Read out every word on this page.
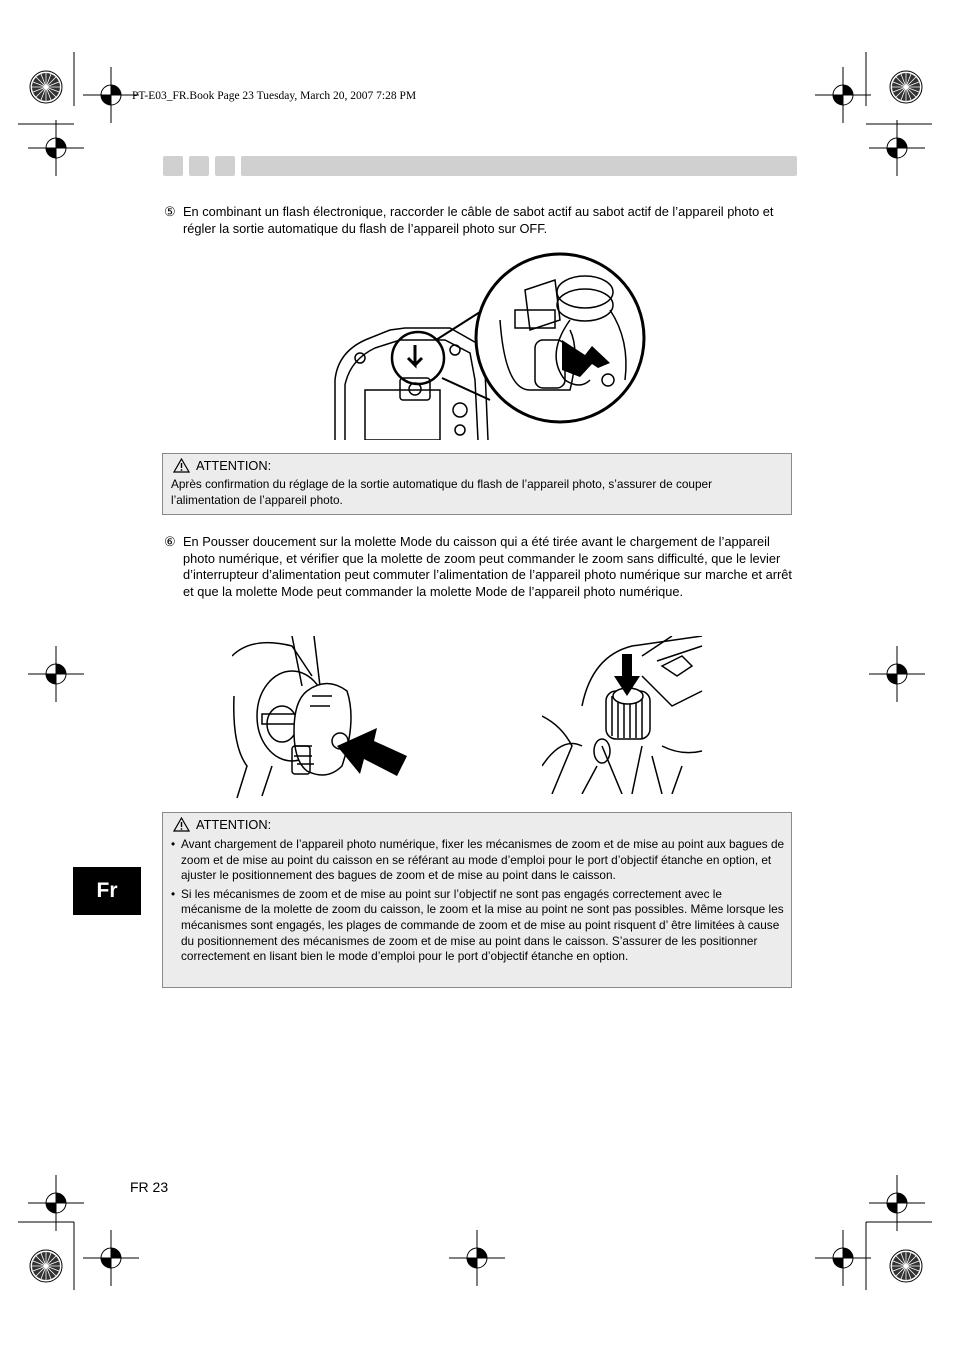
PT-E03_FR.Book Page 23 Tuesday, March 20, 2007 7:28 PM
⑤ En combinant un flash électronique, raccorder le câble de sabot actif au sabot actif de l’appareil photo et régler la sortie automatique du flash de l’appareil photo sur OFF.
ATTENTION:

Après confirmation du réglage de la sortie automatique du flash de l’appareil photo, s’assurer de couper l’alimentation de l’appareil photo.

⑥ En Pousser doucement sur la molette Mode du caisson qui a été tirée avant le chargement de l’appareil photo numérique, et vérifier que la molette de zoom peut commander le zoom sans difficulté, que le levier d’interrupteur d’alimentation peut commuter l’alimentation de l’appareil photo numérique sur marche et arrêt et que la molette Mode peut commander la molette Mode de l’appareil photo numérique.
ATTENTION:
• Avant chargement de l’appareil photo numérique, fixer les mécanismes de zoom et de mise au point aux bagues de zoom et de mise au point du caisson en se référant au mode d’emploi pour le port d’objectif étanche en option, et ajuster le positionnement des bagues de zoom et de mise au point dans le caisson.
• Si les mécanismes de zoom et de mise au point sur l’objectif ne sont pas engagés correctement avec le mécanisme de la molette de zoom du caisson, le zoom et la mise au point ne sont pas possibles. Même lorsque les mécanismes sont engagés, les plages de commande de zoom et de mise au point risquent d’ être limitées à cause du positionnement des mécanismes de zoom et de mise au point dans le caisson. S’assurer de les positionner correctement en lisant bien le mode d’emploi pour le port d’objectif étanche en option.
Fr
FR 23
